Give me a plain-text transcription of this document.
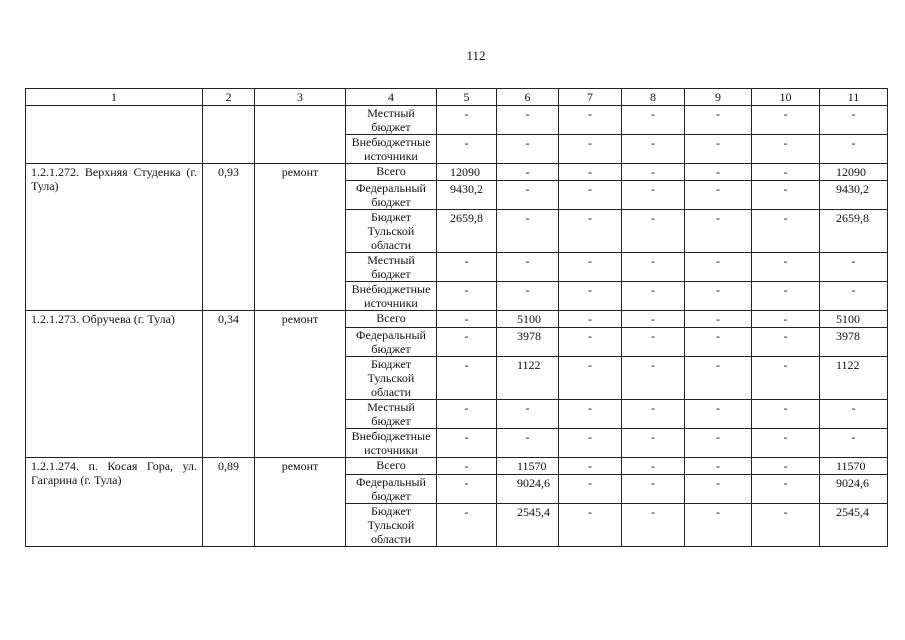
112
1	2	3	4	5	6	7	8	9	10	11
			Местный бюджет	-	-	-	-	-	-	-
			Внебюджетные источники	-	-	-	-	-	-	-
1.2.1.272. Верхняя Студенка (г. Тула)	0,93	ремонт	Всего	12090	-	-	-	-	-	12090
			Федеральный бюджет	9430,2	-	-	-	-	-	9430,2
			Бюджет Тульской области	2659,8	-	-	-	-	-	2659,8
			Местный бюджет	-	-	-	-	-	-	-
			Внебюджетные источники	-	-	-	-	-	-	-
1.2.1.273. Обручева (г. Тула)	0,34	ремонт	Всего	-	5100	-	-	-	-	5100
			Федеральный бюджет	-	3978	-	-	-	-	3978
			Бюджет Тульской области	-	1122	-	-	-	-	1122
			Местный бюджет	-	-	-	-	-	-	-
			Внебюджетные источники	-	-	-	-	-	-	-
1.2.1.274. п. Косая Гора, ул. Гагарина (г. Тула)	0,89	ремонт	Всего	-	11570	-	-	-	-	11570
			Федеральный бюджет	-	9024,6	-	-	-	-	9024,6
			Бюджет Тульской области	-	2545,4	-	-	-	-	2545,4
